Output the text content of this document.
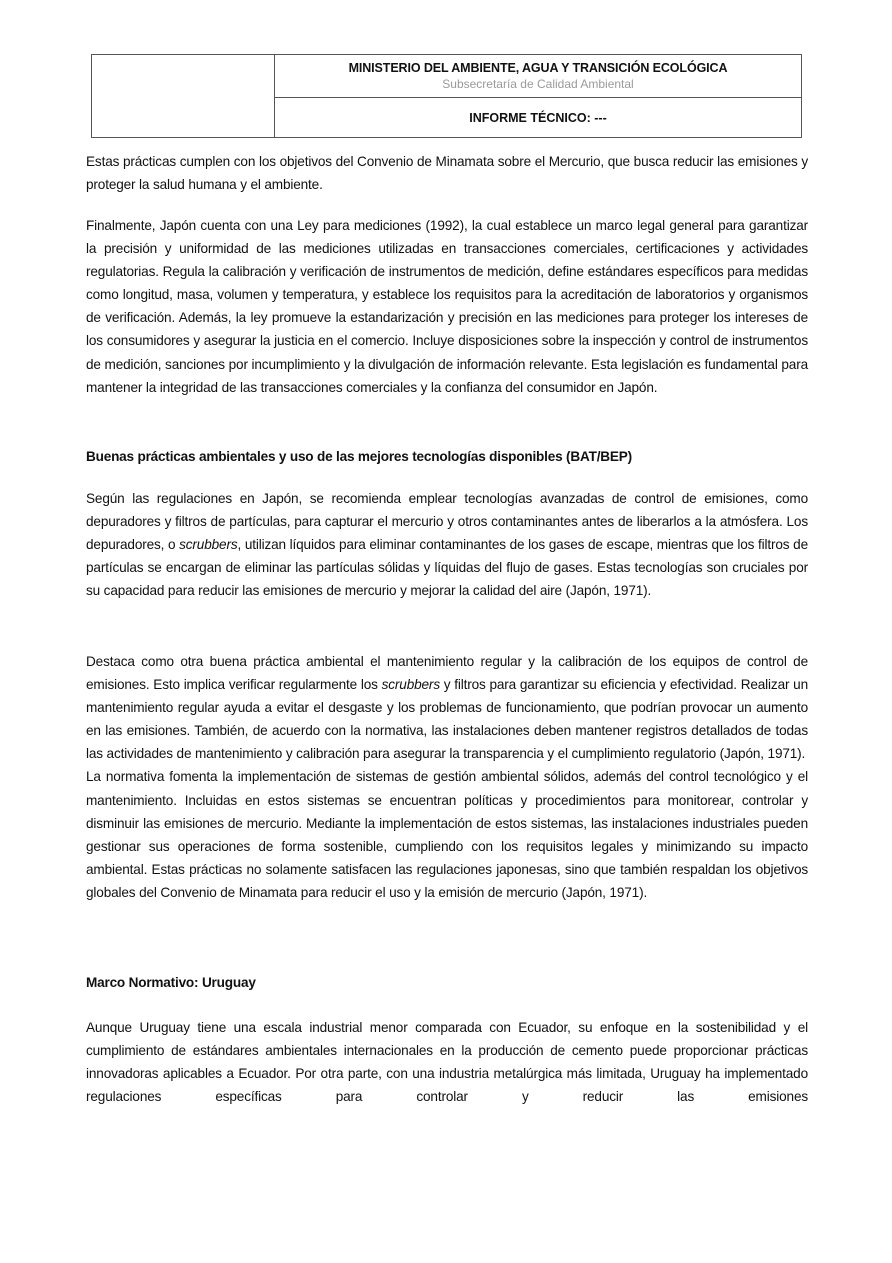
MINISTERIO DEL AMBIENTE, AGUA Y TRANSICIÓN ECOLÓGICA
Subsecretaría de Calidad Ambiental
INFORME TÉCNICO: ---

Estas prácticas cumplen con los objetivos del Convenio de Minamata sobre el Mercurio, que busca reducir las emisiones y proteger la salud humana y el ambiente.

Finalmente, Japón cuenta con una Ley para mediciones (1992), la cual establece un marco legal general para garantizar la precisión y uniformidad de las mediciones utilizadas en transacciones comerciales, certificaciones y actividades regulatorias. Regula la calibración y verificación de instrumentos de medición, define estándares específicos para medidas como longitud, masa, volumen y temperatura, y establece los requisitos para la acreditación de laboratorios y organismos de verificación. Además, la ley promueve la estandarización y precisión en las mediciones para proteger los intereses de los consumidores y asegurar la justicia en el comercio. Incluye disposiciones sobre la inspección y control de instrumentos de medición, sanciones por incumplimiento y la divulgación de información relevante. Esta legislación es fundamental para mantener la integridad de las transacciones comerciales y la confianza del consumidor en Japón.

Buenas prácticas ambientales y uso de las mejores tecnologías disponibles (BAT/BEP)

Según las regulaciones en Japón, se recomienda emplear tecnologías avanzadas de control de emisiones, como depuradores y filtros de partículas, para capturar el mercurio y otros contaminantes antes de liberarlos a la atmósfera. Los depuradores, o scrubbers, utilizan líquidos para eliminar contaminantes de los gases de escape, mientras que los filtros de partículas se encargan de eliminar las partículas sólidas y líquidas del flujo de gases. Estas tecnologías son cruciales por su capacidad para reducir las emisiones de mercurio y mejorar la calidad del aire (Japón, 1971).

Destaca como otra buena práctica ambiental el mantenimiento regular y la calibración de los equipos de control de emisiones. Esto implica verificar regularmente los scrubbers y filtros para garantizar su eficiencia y efectividad. Realizar un mantenimiento regular ayuda a evitar el desgaste y los problemas de funcionamiento, que podrían provocar un aumento en las emisiones. También, de acuerdo con la normativa, las instalaciones deben mantener registros detallados de todas las actividades de mantenimiento y calibración para asegurar la transparencia y el cumplimiento regulatorio (Japón, 1971).

La normativa fomenta la implementación de sistemas de gestión ambiental sólidos, además del control tecnológico y el mantenimiento. Incluidas en estos sistemas se encuentran políticas y procedimientos para monitorear, controlar y disminuir las emisiones de mercurio. Mediante la implementación de estos sistemas, las instalaciones industriales pueden gestionar sus operaciones de forma sostenible, cumpliendo con los requisitos legales y minimizando su impacto ambiental. Estas prácticas no solamente satisfacen las regulaciones japonesas, sino que también respaldan los objetivos globales del Convenio de Minamata para reducir el uso y la emisión de mercurio (Japón, 1971).

Marco Normativo: Uruguay

Aunque Uruguay tiene una escala industrial menor comparada con Ecuador, su enfoque en la sostenibilidad y el cumplimiento de estándares ambientales internacionales en la producción de cemento puede proporcionar prácticas innovadoras aplicables a Ecuador. Por otra parte, con una industria metalúrgica más limitada, Uruguay ha implementado regulaciones específicas para controlar y reducir las emisiones
